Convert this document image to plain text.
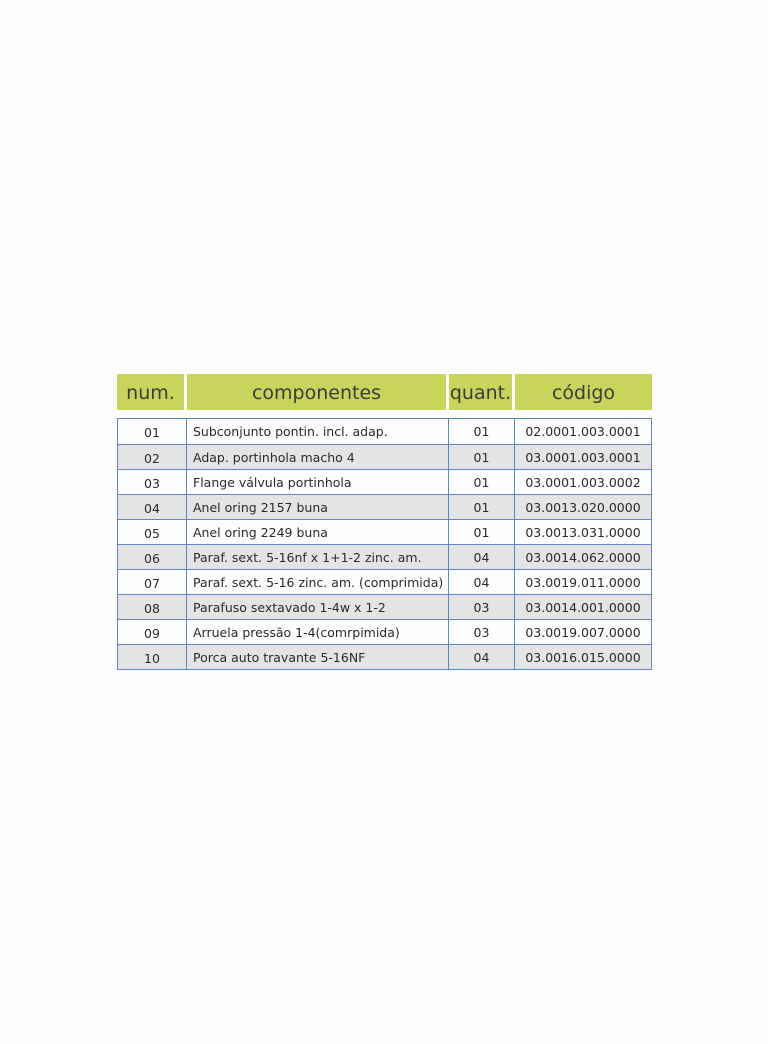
num.	componentes	quant.	código
01	Subconjunto pontin. incl. adap.	01	02.0001.003.0001
02	Adap. portinhola macho 4	01	03.0001.003.0001
03	Flange válvula portinhola	01	03.0001.003.0002
04	Anel oring 2157 buna	01	03.0013.020.0000
05	Anel oring 2249 buna	01	03.0013.031.0000
06	Paraf. sext. 5-16nf x 1+1-2 zinc. am.	04	03.0014.062.0000
07	Paraf. sext. 5-16 zinc. am. (comprimida)	04	03.0019.011.0000
08	Parafuso sextavado 1-4w x 1-2	03	03.0014.001.0000
09	Arruela pressão 1-4(comrpimida)	03	03.0019.007.0000
10	Porca auto travante 5-16NF	04	03.0016.015.0000
